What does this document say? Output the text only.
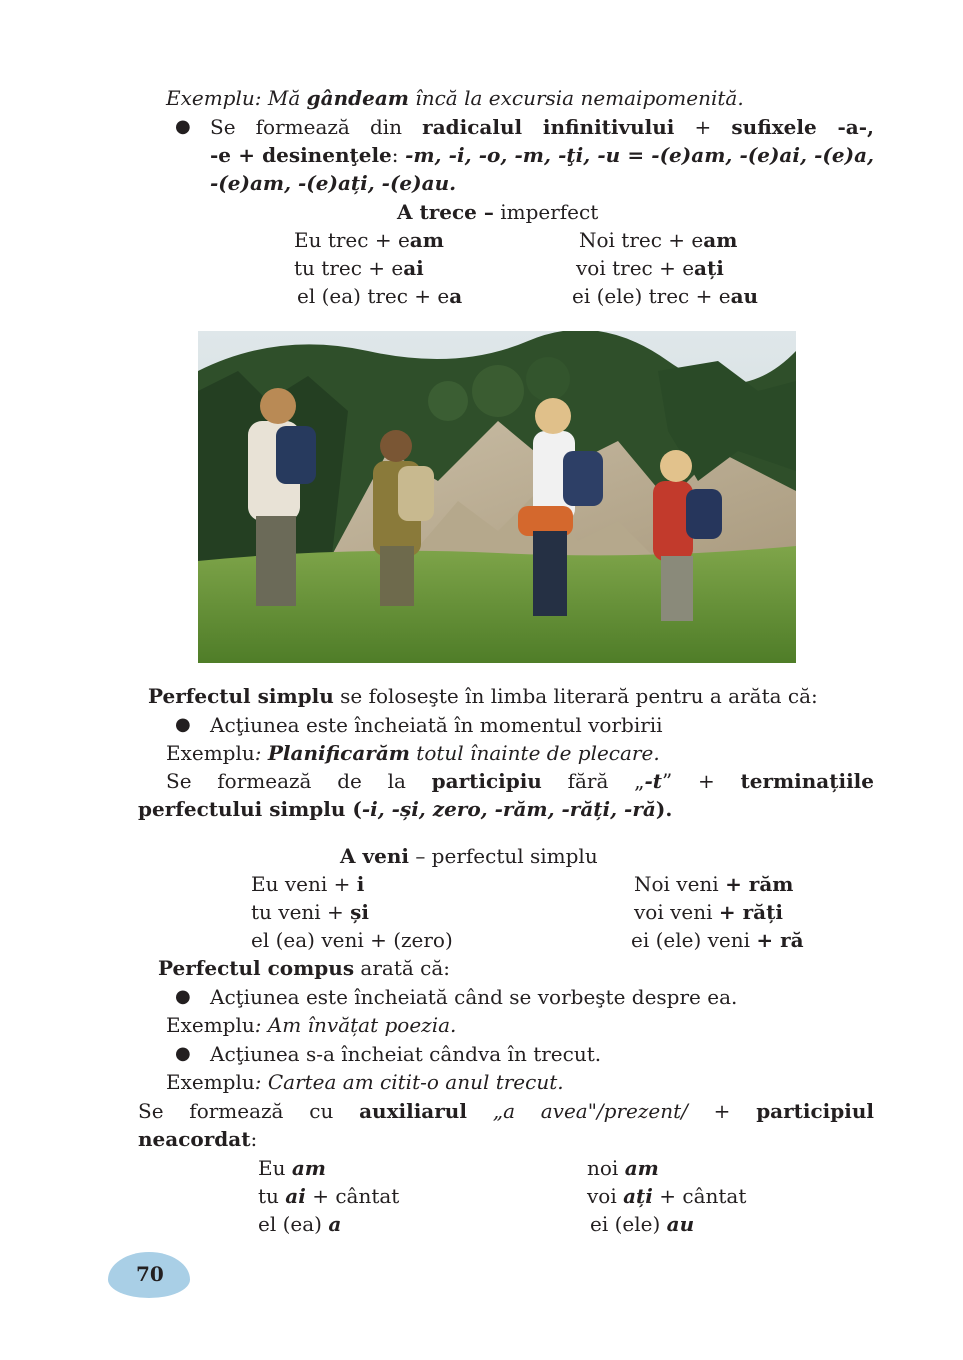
Exemplu: Mă gândeam încă la excursia nemaipomenită.
● Se formează din radicalul infinitivului + sufixele -a-,
-e + desinenţele: -m, -i, -o, -m, -ţi, -u = -(e)am, -(e)ai, -(e)a,
-(e)am, -(e)ați, -(e)au.
A trece – imperfect
Eu trec + eam	Noi trec + eam
tu trec + eai	voi trec + eați
el (ea) trec + ea	ei (ele) trec + eau
Perfectul simplu se foloseşte în limba literară pentru a arăta că:
● Acţiunea este încheiată în momentul vorbirii
Exemplu: Planificarăm totul înainte de plecare.
Se formează de la participiu fără „-t” + terminațiile
perfectului simplu (-i, -și, zero, -răm, -răți, -ră).
A veni – perfectul simplu
Eu veni + i	Noi veni + răm
tu veni + și	voi veni + răți
el (ea) veni + (zero)	ei (ele) veni + ră
Perfectul compus arată că:
● Acţiunea este încheiată când se vorbeşte despre ea.
Exemplu: Am învățat poezia.
● Acţiunea s-a încheiat cândva în trecut.
Exemplu: Cartea am citit-o anul trecut.
Se formează cu auxiliarul „a avea"/prezent/ + participiul
neacordat:
Eu am	noi am
tu ai + cântat	voi ați + cântat
el (ea) a	ei (ele) au
70
